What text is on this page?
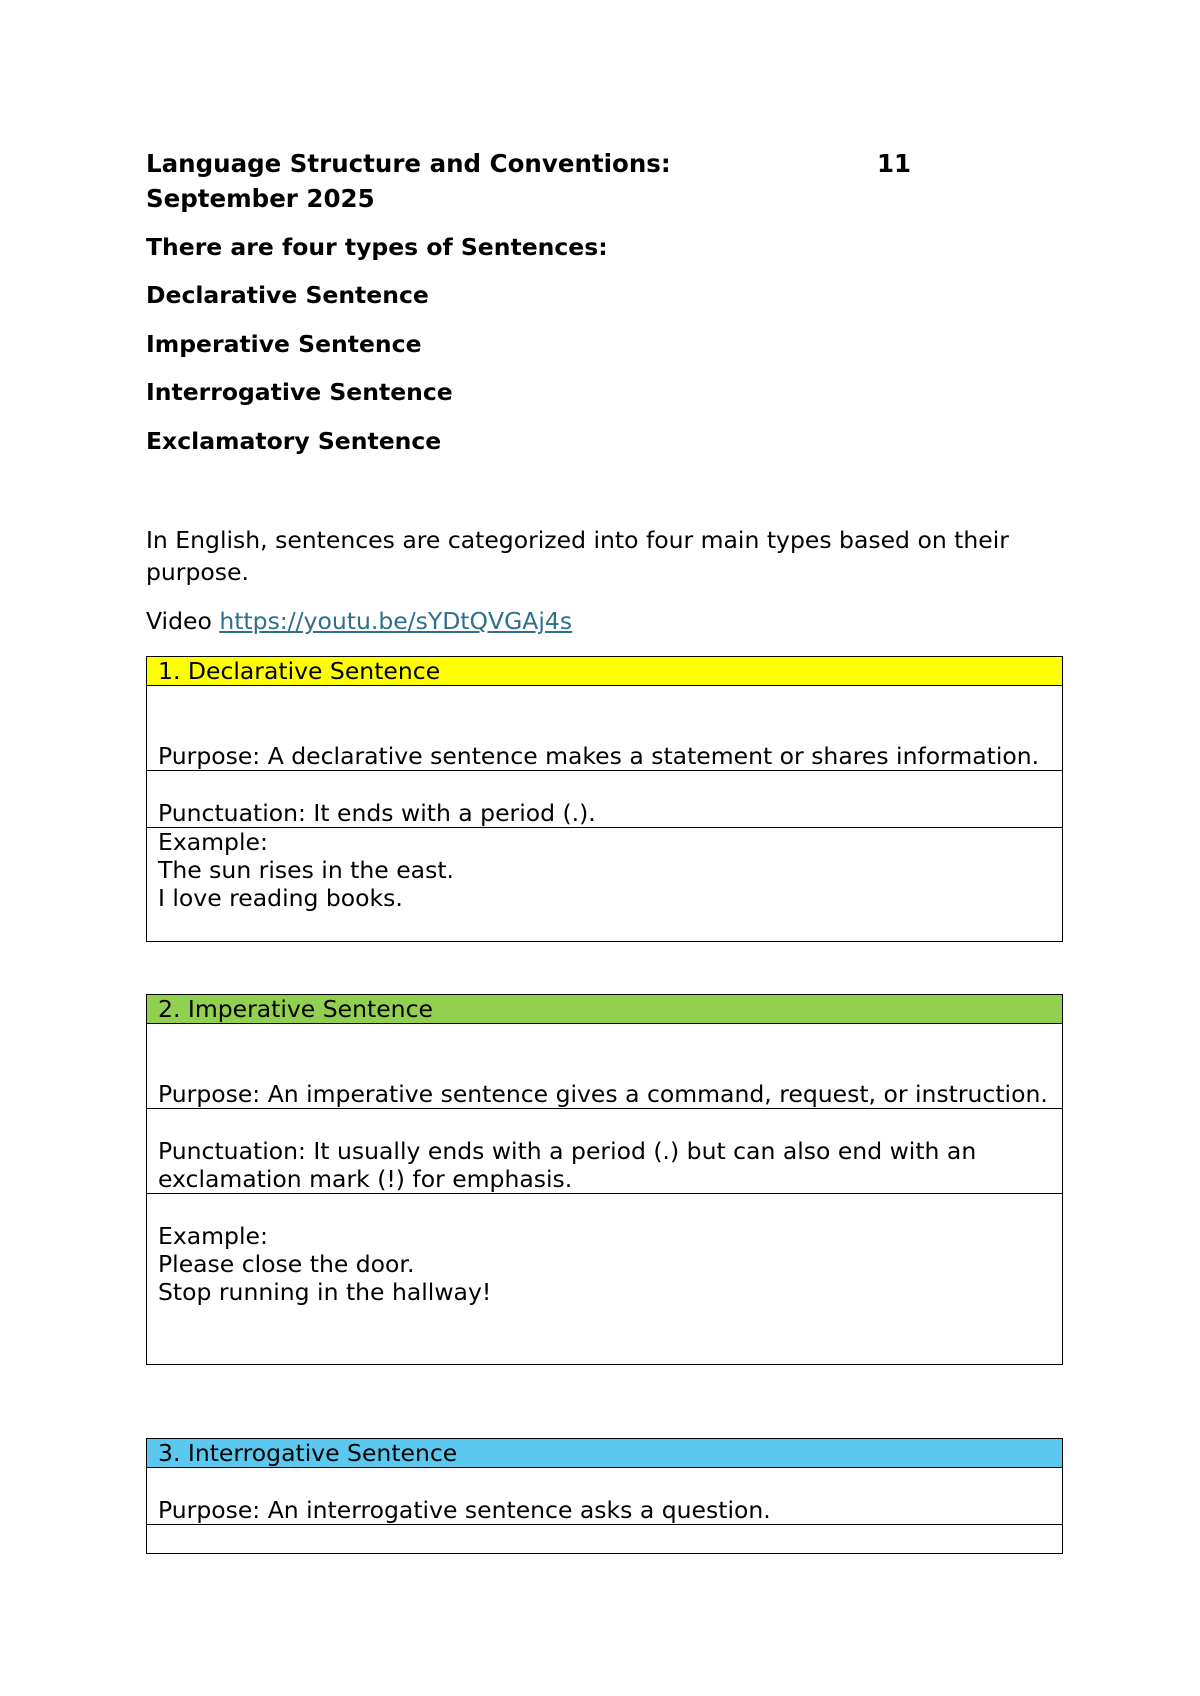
Language Structure and Conventions:	11
September 2025
There are four types of Sentences:
Declarative Sentence
Imperative Sentence
Interrogative Sentence
Exclamatory Sentence
In English, sentences are categorized into four main types based on their purpose.
Video https://youtu.be/sYDtQVGAj4s
1. Declarative Sentence
Purpose: A declarative sentence makes a statement or shares information.
Punctuation: It ends with a period (.).

Example:
The sun rises in the east.
I love reading books.
2. Imperative Sentence
Purpose: An imperative sentence gives a command, request, or instruction.
Punctuation: It usually ends with a period (.) but can also end with an exclamation mark (!) for emphasis.

Example:
Please close the door.
Stop running in the hallway!
3. Interrogative Sentence
Purpose: An interrogative sentence asks a question.
